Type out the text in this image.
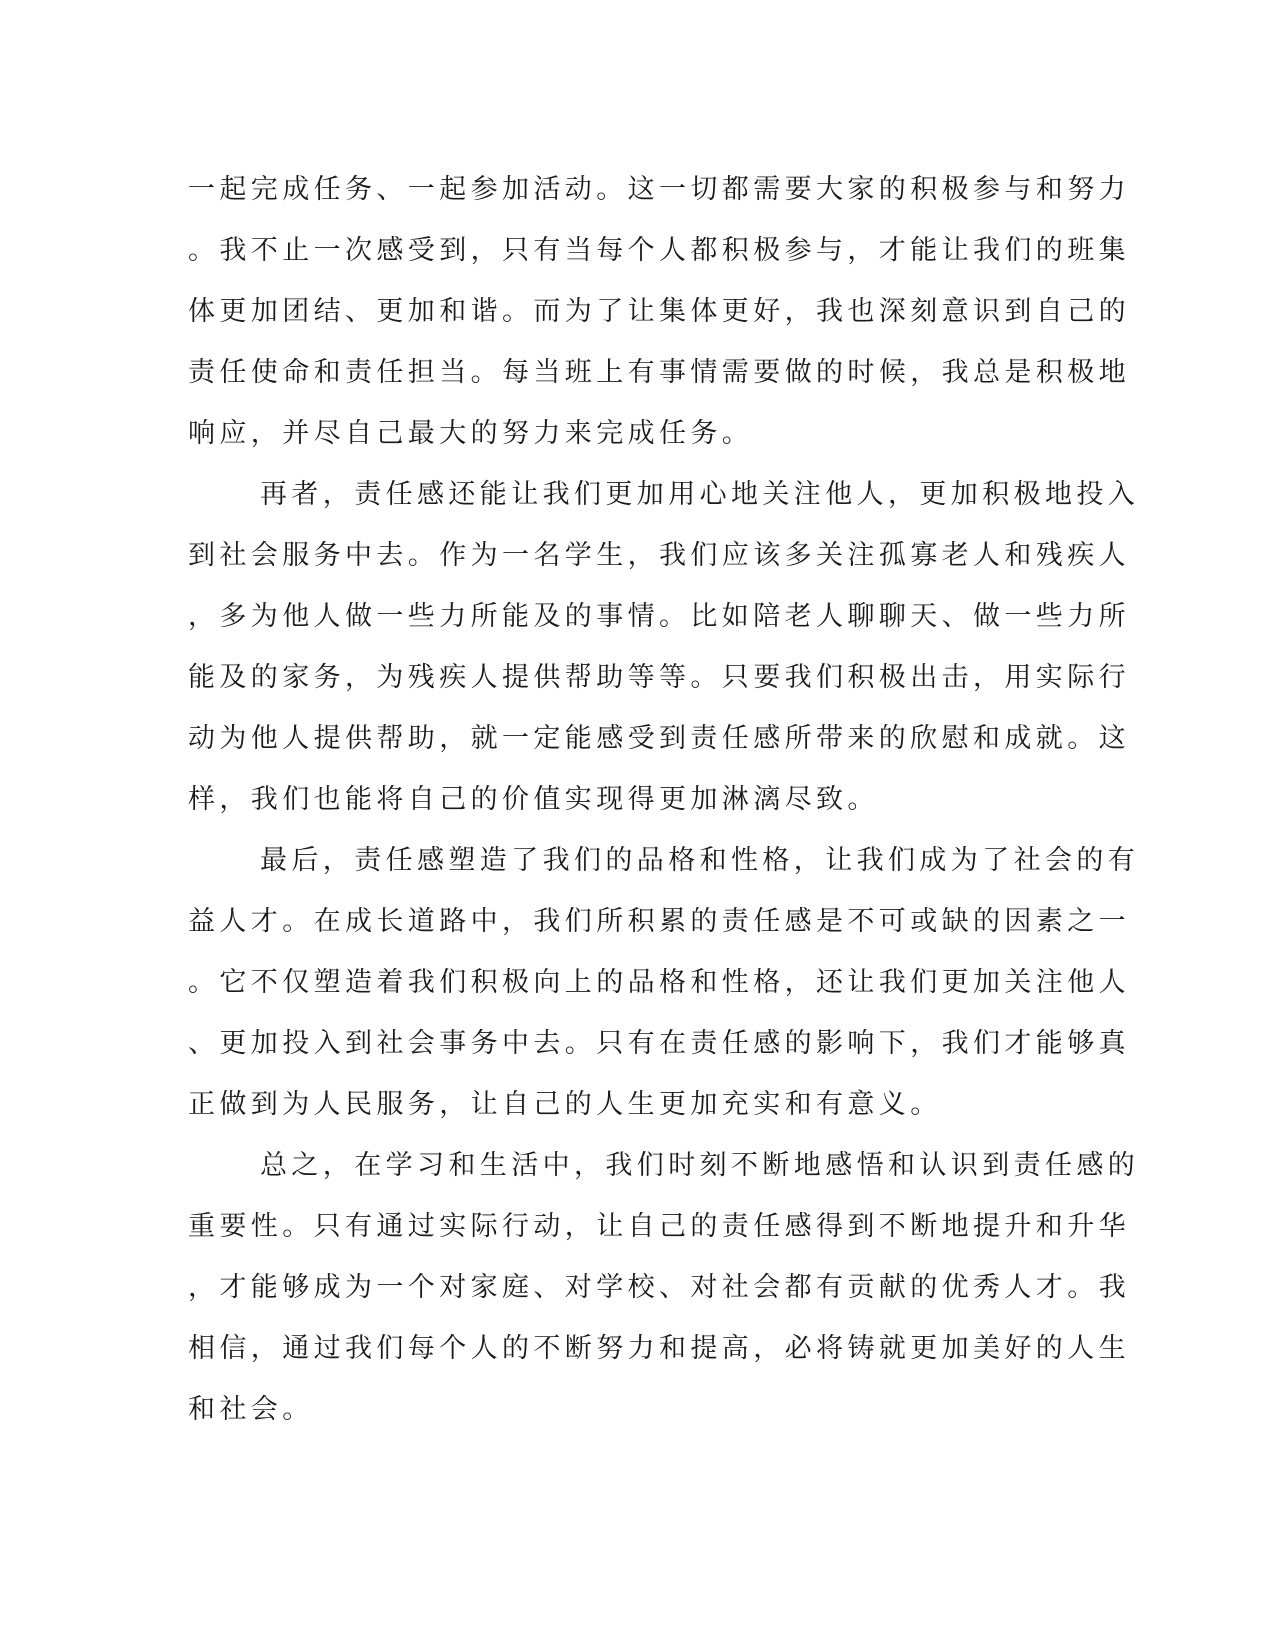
一起完成任务、一起参加活动。这一切都需要大家的积极参与和努力
。我不止一次感受到，只有当每个人都积极参与，才能让我们的班集
体更加团结、更加和谐。而为了让集体更好，我也深刻意识到自己的
责任使命和责任担当。每当班上有事情需要做的时候，我总是积极地
响应，并尽自己最大的努力来完成任务。
再者，责任感还能让我们更加用心地关注他人，更加积极地投入
到社会服务中去。作为一名学生，我们应该多关注孤寡老人和残疾人
，多为他人做一些力所能及的事情。比如陪老人聊聊天、做一些力所
能及的家务，为残疾人提供帮助等等。只要我们积极出击，用实际行
动为他人提供帮助，就一定能感受到责任感所带来的欣慰和成就。这
样，我们也能将自己的价值实现得更加淋漓尽致。
最后，责任感塑造了我们的品格和性格，让我们成为了社会的有
益人才。在成长道路中，我们所积累的责任感是不可或缺的因素之一
。它不仅塑造着我们积极向上的品格和性格，还让我们更加关注他人
、更加投入到社会事务中去。只有在责任感的影响下，我们才能够真
正做到为人民服务，让自己的人生更加充实和有意义。
总之，在学习和生活中，我们时刻不断地感悟和认识到责任感的
重要性。只有通过实际行动，让自己的责任感得到不断地提升和升华
，才能够成为一个对家庭、对学校、对社会都有贡献的优秀人才。我
相信，通过我们每个人的不断努力和提高，必将铸就更加美好的人生
和社会。
